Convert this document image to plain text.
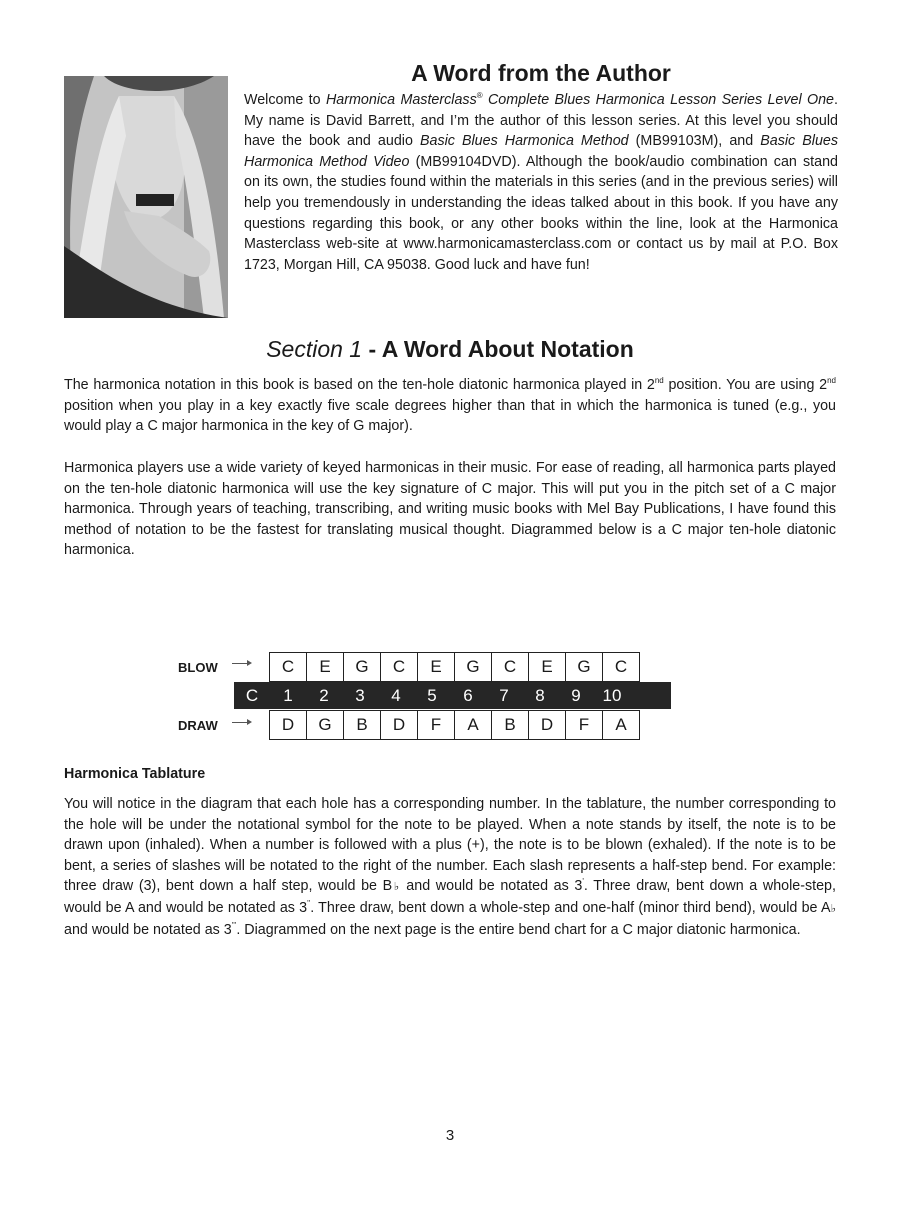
A Word from the Author

Welcome to Harmonica Masterclass® Complete Blues Harmonica Lesson Series Level One. My name is David Barrett, and I’m the author of this lesson series. At this level you should have the book and audio Basic Blues Harmonica Method (MB99103M), and Basic Blues Harmonica Method Video (MB99104DVD). Although the book/audio combination can stand on its own, the studies found within the materials in this series (and in the previous series) will help you tremendously in understanding the ideas talked about in this book. If you have any questions regarding this book, or any other books within the line, look at the Harmonica Masterclass web-site at www.harmonicamasterclass.com or contact us by mail at P.O. Box 1723, Morgan Hill, CA 95038. Good luck and have fun!

Section 1 - A Word About Notation

The harmonica notation in this book is based on the ten-hole diatonic harmonica played in 2nd position. You are using 2nd position when you play in a key exactly five scale degrees higher than that in which the harmonica is tuned (e.g., you would play a C major harmonica in the key of G major).

Harmonica players use a wide variety of keyed harmonicas in their music. For ease of reading, all harmonica parts played on the ten-hole diatonic harmonica will use the key signature of C major. This will put you in the pitch set of a C major harmonica. Through years of teaching, transcribing, and writing music books with Mel Bay Publications, I have found this method of notation to be the fastest for translating musical thought. Diagrammed below is a C major ten-hole diatonic harmonica.

BLOW	C	E	G	C	E	G	C	E	G	C
C	1	2	3	4	5	6	7	8	9	10
DRAW	D	G	B	D	F	A	B	D	F	A
Harmonica Tablature

You will notice in the diagram that each hole has a corresponding number. In the tablature, the number corresponding to the hole will be under the notational symbol for the note to be played. When a note stands by itself, the note is to be drawn upon (inhaled). When a number is followed with a plus (+), the note is to be blown (exhaled). If the note is to be bent, a series of slashes will be notated to the right of the number. Each slash represents a half-step bend. For example: three draw (3), bent down a half step, would be B♭ and would be notated as 3'. Three draw, bent down a whole-step, would be A and would be notated as 3''. Three draw, bent down a whole-step and one-half (minor third bend), would be A♭ and would be notated as 3'''. Diagrammed on the next page is the entire bend chart for a C major diatonic harmonica.

3
